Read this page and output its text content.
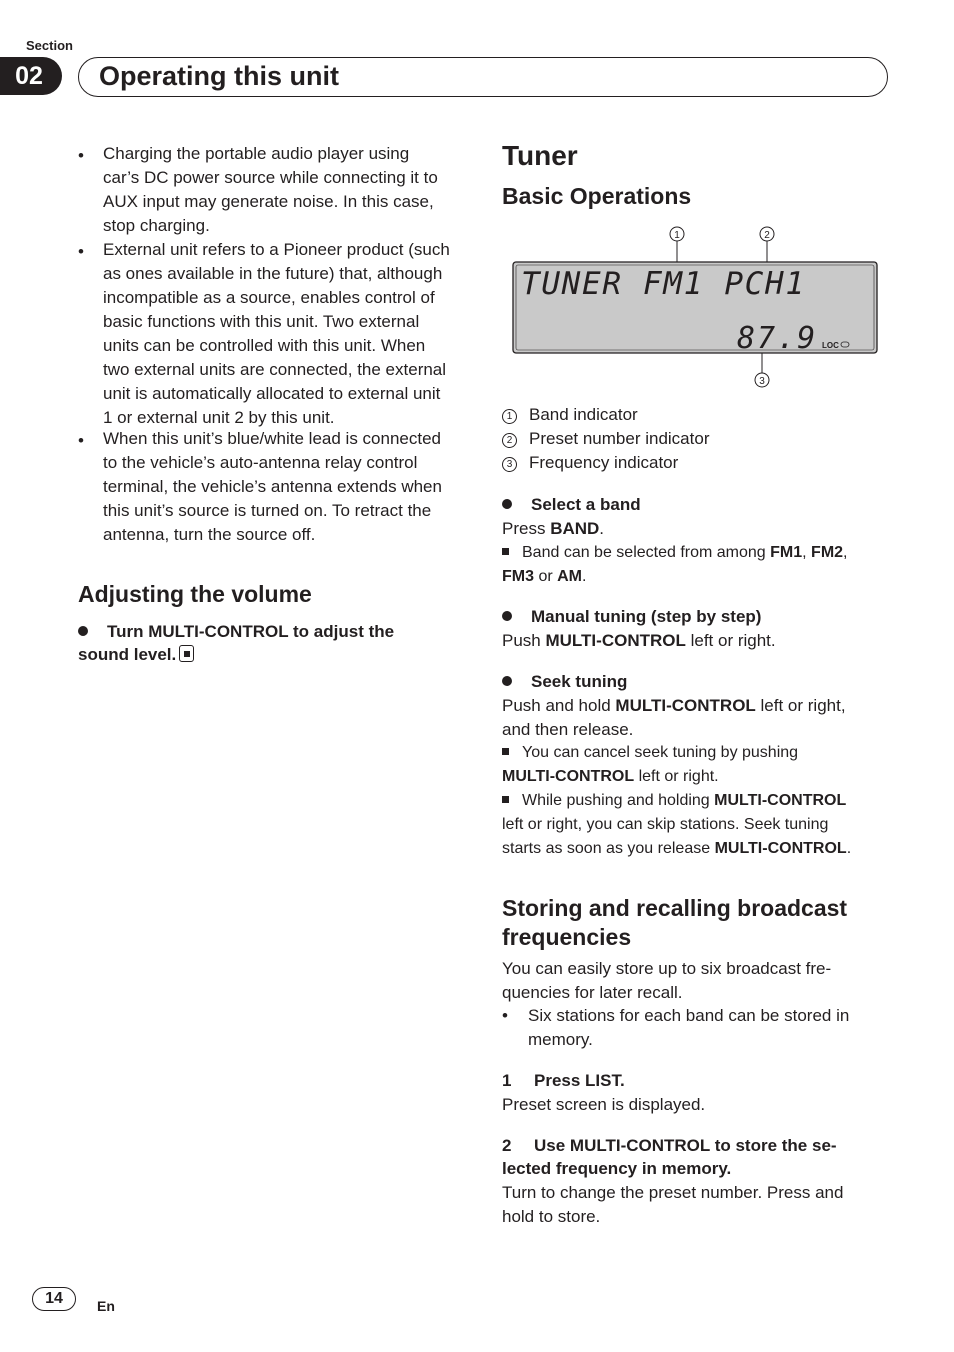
Section
02	Operating this unit
• Charging the portable audio player using
car’s DC power source while connecting it to
AUX input may generate noise. In this case,
stop charging.
• External unit refers to a Pioneer product (such
as ones available in the future) that, although
incompatible as a source, enables control of
basic functions with this unit. Two external
units can be controlled with this unit. When
two external units are connected, the external
unit is automatically allocated to external unit
1 or external unit 2 by this unit.
• When this unit’s blue/white lead is connected
to the vehicle’s auto-antenna relay control
terminal, the vehicle’s antenna extends when
this unit’s source is turned on. To retract the
antenna, turn the source off.
Adjusting the volume
Turn MULTI-CONTROL to adjust the
sound level.
Tuner
Basic Operations
1	2
TUNER FM1 PCH1
87.9 LOC
3
1 Band indicator
2 Preset number indicator
3 Frequency indicator
Select a band
Press BAND.
Band can be selected from among FM1, FM2,
FM3 or AM.
Manual tuning (step by step)
Push MULTI-CONTROL left or right.
Seek tuning
Push and hold MULTI-CONTROL left or right,
and then release.
You can cancel seek tuning by pushing
MULTI-CONTROL left or right.
While pushing and holding MULTI-CONTROL
left or right, you can skip stations. Seek tuning
starts as soon as you release MULTI-CONTROL.
Storing and recalling broadcast
frequencies
You can easily store up to six broadcast fre-
quencies for later recall.
• Six stations for each band can be stored in
memory.
1 Press LIST.
Preset screen is displayed.
2 Use MULTI-CONTROL to store the se-
lected frequency in memory.
Turn to change the preset number. Press and
hold to store.
14	En
